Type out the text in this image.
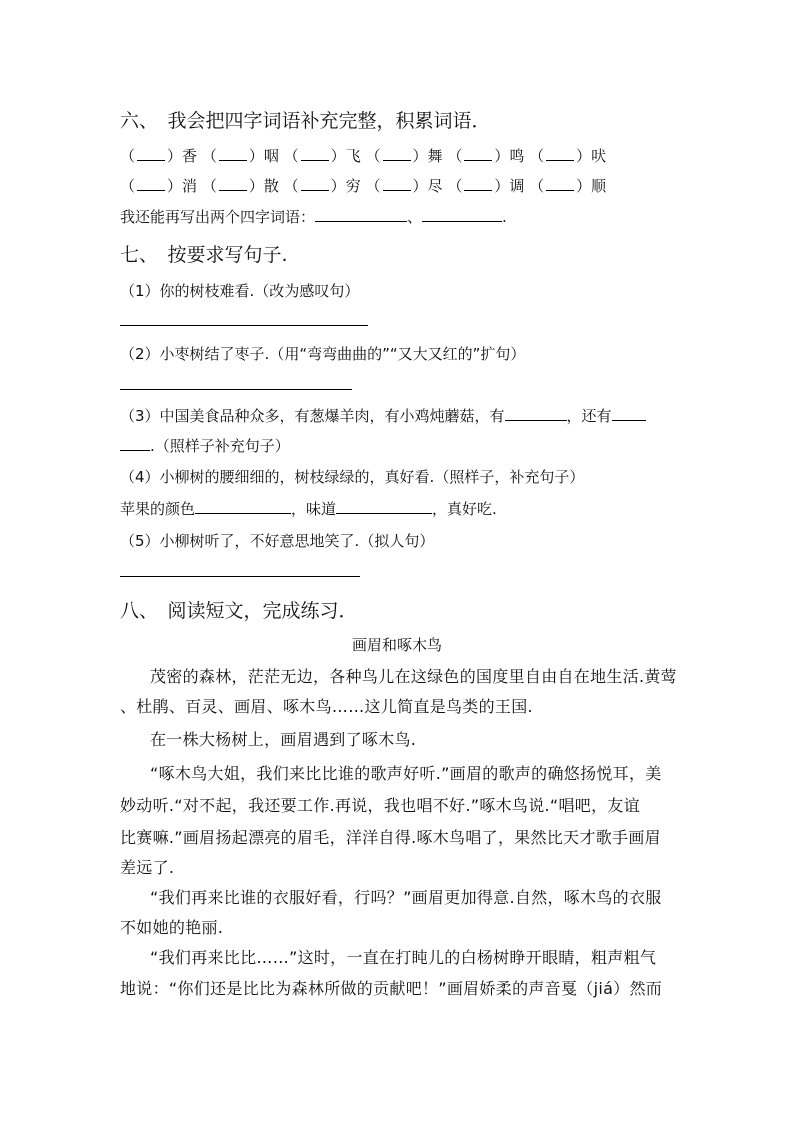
六、　我会把四字词语补充完整，积累词语．
（ ）香 （ ）咽 （ ）飞 （ ）舞 （ ）鸣 （ ）吠
（ ）消 （ ）散 （ ）穷 （ ）尽 （ ）调 （ ）顺
我还能再写出两个四字词语：	、	.
七、　按要求写句子.
（1）你的树枝难看.（改为感叹句）
（2）小枣树结了枣子.（用“弯弯曲曲的”“又大又红的”扩句）
（3）中国美食品种众多，有葱爆羊肉，有小鸡炖蘑菇，有	，还有
.（照样子补充句子）
（4）小柳树的腰细细的，树枝绿绿的，真好看.（照样子，补充句子）
苹果的颜色	，味道	，真好吃.
（5）小柳树听了，不好意思地笑了.（拟人句）
八、　阅读短文，完成练习．
画眉和啄木鸟
茂密的森林，茫茫无边，各种鸟儿在这绿色的国度里自由自在地生活.黄莺
、杜鹃、百灵、画眉、啄木鸟……这儿简直是鸟类的王国.
在一株大杨树上，画眉遇到了啄木鸟.
“啄木鸟大姐，我们来比比谁的歌声好听.”画眉的歌声的确悠扬悦耳，美
妙动听.“对不起，我还要工作.再说，我也唱不好.”啄木鸟说.“唱吧，友谊
比赛嘛.”画眉扬起漂亮的眉毛，洋洋自得.啄木鸟唱了，果然比天才歌手画眉
差远了.
“我们再来比谁的衣服好看，行吗？”画眉更加得意.自然，啄木鸟的衣服
不如她的艳丽.
“我们再来比比……”这时，一直在打盹儿的白杨树睁开眼睛，粗声粗气
地说：“你们还是比比为森林所做的贡献吧！”画眉娇柔的声音戛（jiá）然而
